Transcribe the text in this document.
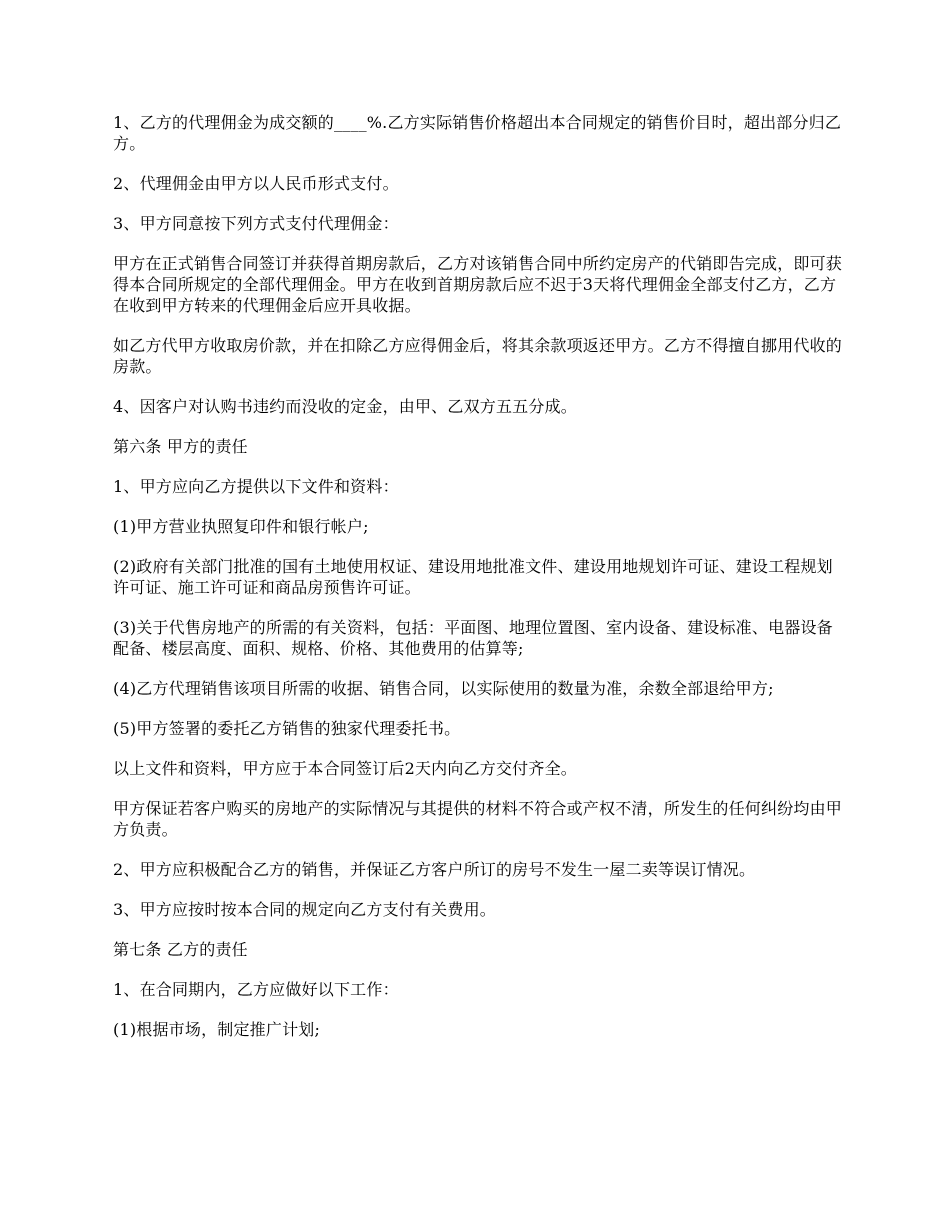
1、乙方的代理佣金为成交额的____%.乙方实际销售价格超出本合同规定的销售价目时，超出部分归乙方。

2、代理佣金由甲方以人民币形式支付。

3、甲方同意按下列方式支付代理佣金：

甲方在正式销售合同签订并获得首期房款后，乙方对该销售合同中所约定房产的代销即告完成，即可获得本合同所规定的全部代理佣金。甲方在收到首期房款后应不迟于3天将代理佣金全部支付乙方，乙方在收到甲方转来的代理佣金后应开具收据。

如乙方代甲方收取房价款，并在扣除乙方应得佣金后，将其余款项返还甲方。乙方不得擅自挪用代收的房款。

4、因客户对认购书违约而没收的定金，由甲、乙双方五五分成。

第六条 甲方的责任

1、甲方应向乙方提供以下文件和资料：

(1)甲方营业执照复印件和银行帐户;

(2)政府有关部门批准的国有土地使用权证、建设用地批准文件、建设用地规划许可证、建设工程规划许可证、施工许可证和商品房预售许可证。

(3)关于代售房地产的所需的有关资料，包括：平面图、地理位置图、室内设备、建设标准、电器设备配备、楼层高度、面积、规格、价格、其他费用的估算等;

(4)乙方代理销售该项目所需的收据、销售合同，以实际使用的数量为准，余数全部退给甲方;

(5)甲方签署的委托乙方销售的独家代理委托书。

以上文件和资料，甲方应于本合同签订后2天内向乙方交付齐全。

甲方保证若客户购买的房地产的实际情况与其提供的材料不符合或产权不清，所发生的任何纠纷均由甲方负责。

2、甲方应积极配合乙方的销售，并保证乙方客户所订的房号不发生一屋二卖等误订情况。

3、甲方应按时按本合同的规定向乙方支付有关费用。

第七条 乙方的责任

1、在合同期内，乙方应做好以下工作：

(1)根据市场，制定推广计划;
